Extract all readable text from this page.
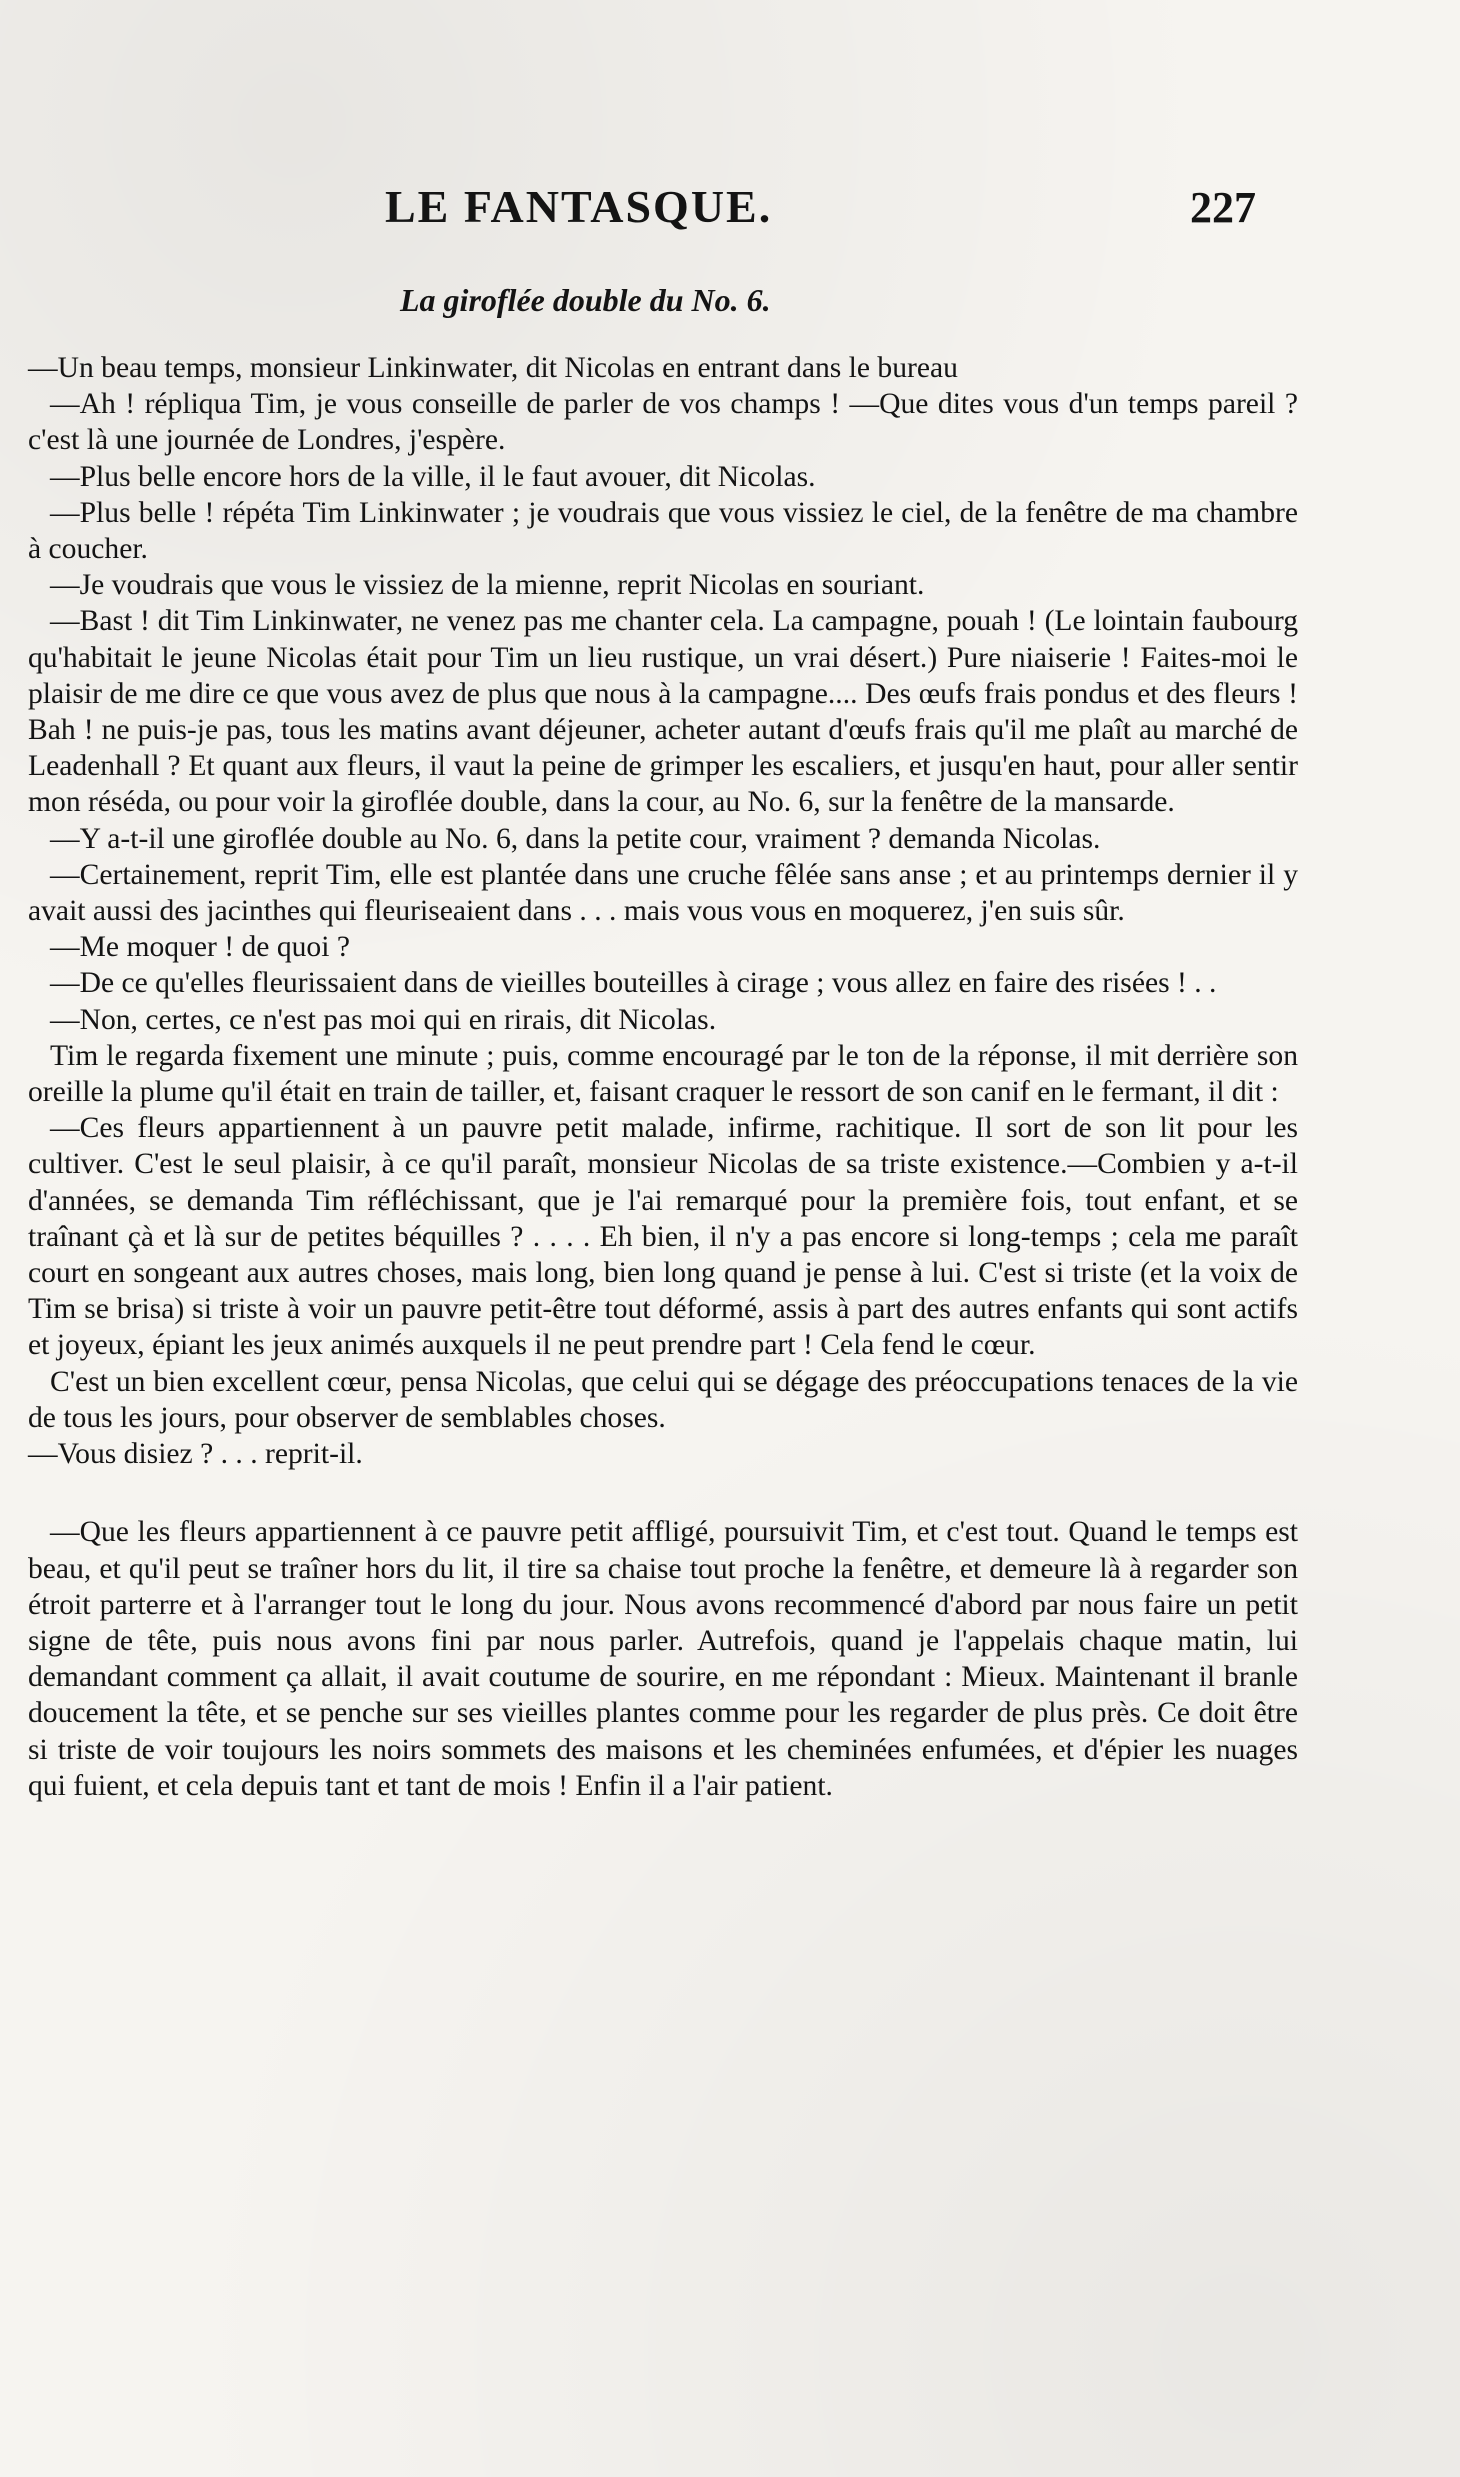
LE FANTASQUE.	227
La giroflée double du No. 6.

—Un beau temps, monsieur Linkinwater, dit Nicolas en entrant dans le bureau

—Ah ! répliqua Tim, je vous conseille de parler de vos champs ! —Que dites vous d'un temps pareil ? c'est là une journée de Londres, j'espère.

—Plus belle encore hors de la ville, il le faut avouer, dit Nicolas.

—Plus belle ! répéta Tim Linkinwater ; je voudrais que vous vissiez le ciel, de la fenêtre de ma chambre à coucher.

—Je voudrais que vous le vissiez de la mienne, reprit Nicolas en souriant.

—Bast ! dit Tim Linkinwater, ne venez pas me chanter cela. La campagne, pouah ! (Le lointain faubourg qu'habitait le jeune Nicolas était pour Tim un lieu rustique, un vrai désert.) Pure niaiserie ! Faites-moi le plaisir de me dire ce que vous avez de plus que nous à la campagne.... Des œufs frais pondus et des fleurs ! Bah ! ne puis-je pas, tous les matins avant déjeuner, acheter autant d'œufs frais qu'il me plaît au marché de Leadenhall ? Et quant aux fleurs, il vaut la peine de grimper les escaliers, et jusqu'en haut, pour aller sentir mon réséda, ou pour voir la giroflée double, dans la cour, au No. 6, sur la fenêtre de la mansarde.

—Y a-t-il une giroflée double au No. 6, dans la petite cour, vraiment ? demanda Nicolas.

—Certainement, reprit Tim, elle est plantée dans une cruche fêlée sans anse ; et au printemps dernier il y avait aussi des jacinthes qui fleuriseaient dans . . . mais vous vous en moquerez, j'en suis sûr.

—Me moquer ! de quoi ?

—De ce qu'elles fleurissaient dans de vieilles bouteilles à cirage ; vous allez en faire des risées ! . .

—Non, certes, ce n'est pas moi qui en rirais, dit Nicolas.

Tim le regarda fixement une minute ; puis, comme encouragé par le ton de la réponse, il mit derrière son oreille la plume qu'il était en train de tailler, et, faisant craquer le ressort de son canif en le fermant, il dit :

—Ces fleurs appartiennent à un pauvre petit malade, infirme, rachitique. Il sort de son lit pour les cultiver. C'est le seul plaisir, à ce qu'il paraît, monsieur Nicolas de sa triste existence.—Combien y a-t-il d'années, se demanda Tim réfléchissant, que je l'ai remarqué pour la première fois, tout enfant, et se traînant çà et là sur de petites béquilles ? . . . . Eh bien, il n'y a pas encore si long-temps ; cela me paraît court en songeant aux autres choses, mais long, bien long quand je pense à lui. C'est si triste (et la voix de Tim se brisa) si triste à voir un pauvre petit-être tout déformé, assis à part des autres enfants qui sont actifs et joyeux, épiant les jeux animés auxquels il ne peut prendre part ! Cela fend le cœur.

C'est un bien excellent cœur, pensa Nicolas, que celui qui se dégage des préoccupations tenaces de la vie de tous les jours, pour observer de semblables choses.

—Vous disiez ? . . . reprit-il.

—Que les fleurs appartiennent à ce pauvre petit affligé, poursuivit Tim, et c'est tout. Quand le temps est beau, et qu'il peut se traîner hors du lit, il tire sa chaise tout proche la fenêtre, et demeure là à regarder son étroit parterre et à l'arranger tout le long du jour. Nous avons recommencé d'abord par nous faire un petit signe de tête, puis nous avons fini par nous parler. Autrefois, quand je l'appelais chaque matin, lui demandant comment ça allait, il avait coutume de sourire, en me répondant : Mieux. Maintenant il branle doucement la tête, et se penche sur ses vieilles plantes comme pour les regarder de plus près. Ce doit être si triste de voir toujours les noirs sommets des maisons et les cheminées enfumées, et d'épier les nuages qui fuient, et cela depuis tant et tant de mois ! Enfin il a l'air patient.
